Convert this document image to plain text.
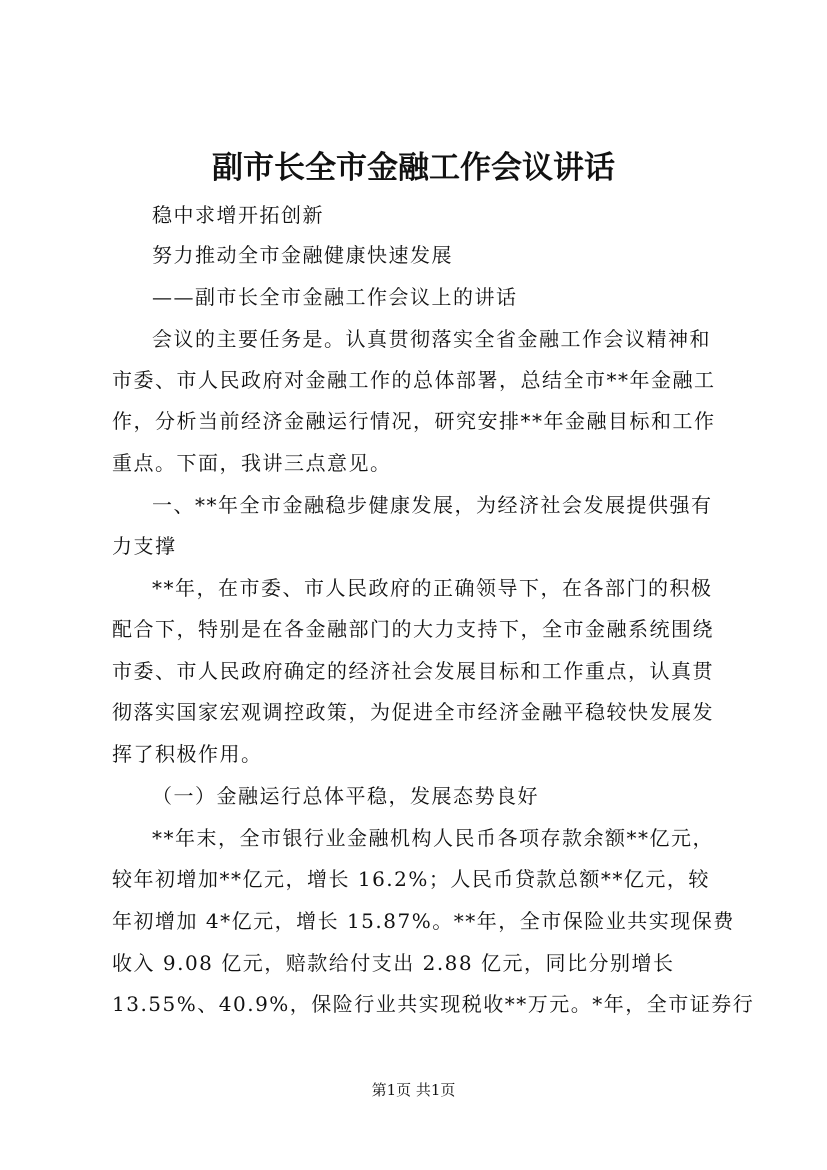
副市长全市金融工作会议讲话
稳中求增开拓创新
努力推动全市金融健康快速发展
——副市长全市金融工作会议上的讲话
会议的主要任务是。认真贯彻落实全省金融工作会议精神和
市委、市人民政府对金融工作的总体部署，总结全市**年金融工
作，分析当前经济金融运行情况，研究安排**年金融目标和工作
重点。下面，我讲三点意见。
一、**年全市金融稳步健康发展，为经济社会发展提供强有
力支撑
**年，在市委、市人民政府的正确领导下，在各部门的积极
配合下，特别是在各金融部门的大力支持下，全市金融系统围绕
市委、市人民政府确定的经济社会发展目标和工作重点，认真贯
彻落实国家宏观调控政策，为促进全市经济金融平稳较快发展发
挥了积极作用。
（一）金融运行总体平稳，发展态势良好
**年末，全市银行业金融机构人民币各项存款余额**亿元，
较年初增加**亿元，增长 16.2%；人民币贷款总额**亿元，较
年初增加 4*亿元，增长 15.87%。**年，全市保险业共实现保费
收入 9.08 亿元，赔款给付支出 2.88 亿元，同比分别增长
13.55%、40.9%，保险行业共实现税收**万元。*年，全市证券行
第1页 共1页
